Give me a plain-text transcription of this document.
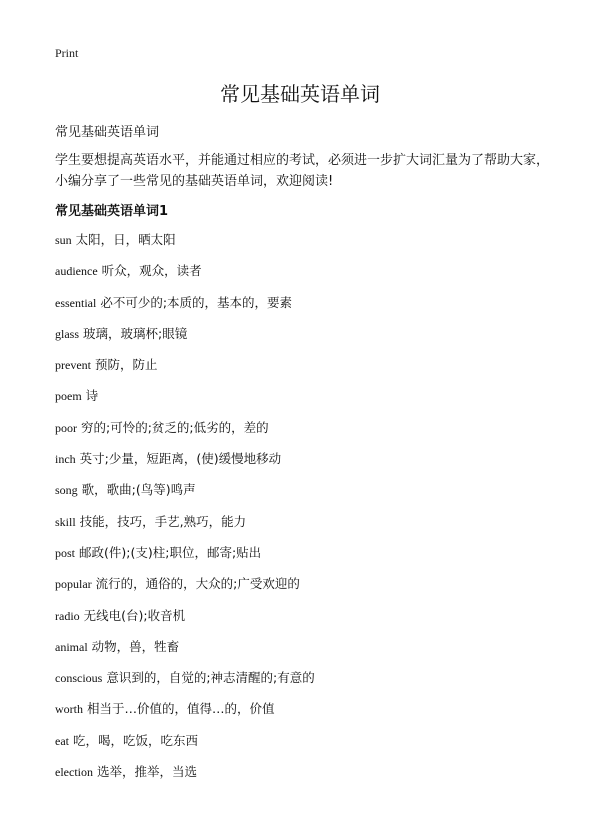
Print
常见基础英语单词
常见基础英语单词
学生要想提高英语水平，并能通过相应的考试，必须进一步扩大词汇量为了帮助大家，小编分享了一些常见的基础英语单词，欢迎阅读!
常见基础英语单词1
sun 太阳，日，晒太阳
audience 听众，观众，读者
essential 必不可少的;本质的，基本的，要素
glass 玻璃，玻璃杯;眼镜
prevent 预防，防止
poem 诗
poor 穷的;可怜的;贫乏的;低劣的，差的
inch 英寸;少量，短距离，(使)缓慢地移动
song 歌，歌曲;(鸟等)鸣声
skill 技能，技巧，手艺,熟巧，能力
post 邮政(件);(支)柱;职位，邮寄;贴出
popular 流行的，通俗的，大众的;广受欢迎的
radio 无线电(台);收音机
animal 动物，兽，牲畜
conscious 意识到的，自觉的;神志清醒的;有意的
worth 相当于…价值的，值得…的，价值
eat 吃，喝，吃饭，吃东西
election 选举，推举，当选
